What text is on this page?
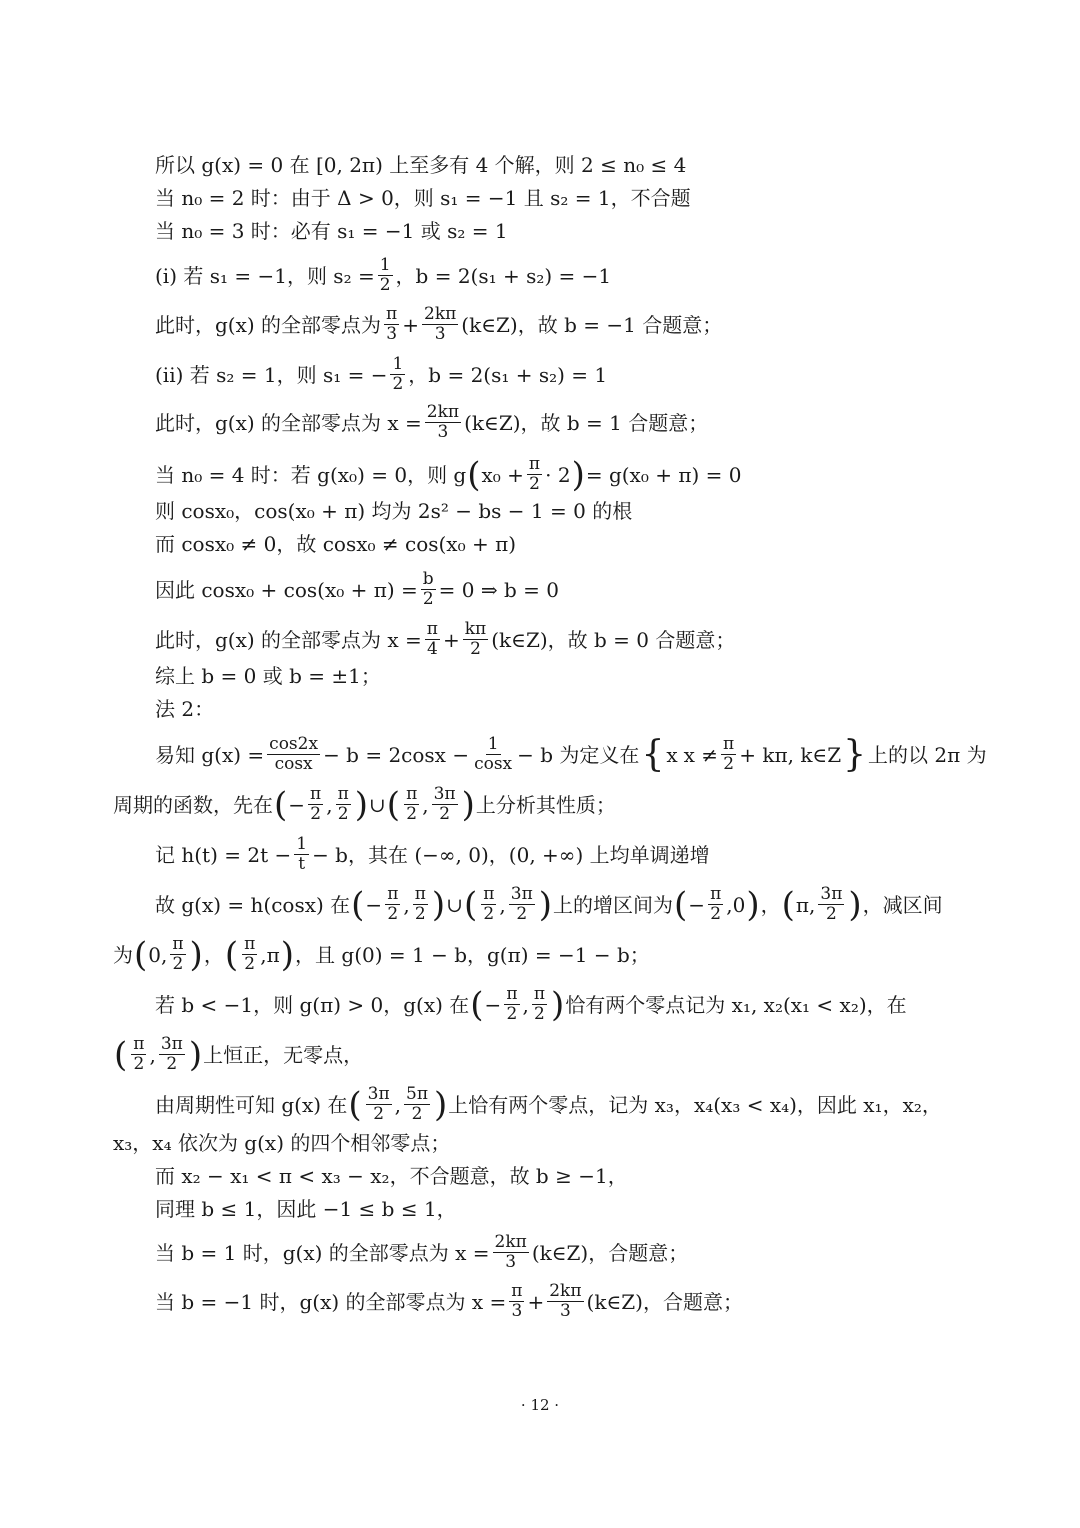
所以 g(x) = 0 在 [0, 2π) 上至多有 4 个解，则 2 ≤ n₀ ≤ 4
当 n₀ = 2 时：由于 Δ > 0，则 s₁ = −1 且 s₂ = 1，不合题
当 n₀ = 3 时：必有 s₁ = −1 或 s₂ = 1
(i) 若 s₁ = −1，则 $s_2 = \frac{1}{2}$ ，b = 2(s₁ + s₂) = −1
此时，g(x) 的全部零点为 $\frac{\pi}{3} + \frac{2k\pi}{3}$ (k∈Z)，故 b = −1 合题意；
(ii) 若 s₂ = 1，则 s₁ = − $\frac{1}{2}$ ，b = 2(s₁ + s₂) = 1
此时，g(x) 的全部零点为 $x = \frac{2k\pi}{3}$ (k∈Z)，故 b = 1 合题意；
当 n₀ = 4 时：若 g(x₀) = 0，则 g ( $x_0 + \frac{\pi}{2} \cdot 2$ ) = g(x₀ + π) = 0
则 cosx₀，cos(x₀ + π) 均为 2s² − bs − 1 = 0 的根
而 cosx₀ ≠ 0，故 cosx₀ ≠ cos(x₀ + π)
因此 $\cos x_0 + \cos(x_0 + \pi) = \frac{b}{2} = 0$ ⇒ b = 0
此时，g(x) 的全部零点为 $x = \frac{\pi}{4} + \frac{k\pi}{2}$ (k∈Z)，故 b = 0 合题意；
综上 b = 0 或 b = ±1；
法 2：
易知 $g(x) = \frac{\cos 2x}{\cos x} - b = 2\cos x - \frac{1}{\cos x} - b$ 为定义在 { x $x \ne \frac{\pi}{2} + k\pi$, k∈Z } 上的以 2π 为
周期的函数，先在 ( − $\frac{\pi}{2}$ , $\frac{\pi}{2}$ ) ∪ ( $\frac{\pi}{2}$ , $\frac{3\pi}{2}$ ) 上分析其性质；
记 $h(t) = 2t - \frac{1}{t} - b$，其在 (−∞, 0)，(0, +∞) 上均单调递增
故 g(x) = h(cosx) 在 ( − $\frac{\pi}{2}$ , $\frac{\pi}{2}$ ) ∪ ( $\frac{\pi}{2}$ , $\frac{3\pi}{2}$ ) 上的增区间为 ( − $\frac{\pi}{2}$ , 0 ) ， ( π , $\frac{3\pi}{2}$ ) ，减区间
为 ( 0 , $\frac{\pi}{2}$ ) ， ( $\frac{\pi}{2}$ , π ) ，且 g(0) = 1 − b，g(π) = −1 − b；
若 b < −1，则 g(π) > 0，g(x) 在 ( − $\frac{\pi}{2}$ , $\frac{\pi}{2}$ ) 恰有两个零点记为 x₁, x₂(x₁ < x₂)，在
( $\frac{\pi}{2}$ , $\frac{3\pi}{2}$ ) 上恒正，无零点，
由周期性可知 g(x) 在 ( $\frac{3\pi}{2}$ , $\frac{5\pi}{2}$ ) 上恰有两个零点，记为 x₃，x₄(x₃ < x₄)，因此 x₁，x₂，
x₃，x₄ 依次为 g(x) 的四个相邻零点；
而 x₂ − x₁ < π < x₃ − x₂，不合题意，故 b ≥ −1，
同理 b ≤ 1，因此 −1 ≤ b ≤ 1，
当 b = 1 时，g(x) 的全部零点为 $x = \frac{2k\pi}{3}$ (k∈Z)，合题意；
当 b = −1 时，g(x) 的全部零点为 $x = \frac{\pi}{3} + \frac{2k\pi}{3}$ (k∈Z)，合题意；
· 12 ·
